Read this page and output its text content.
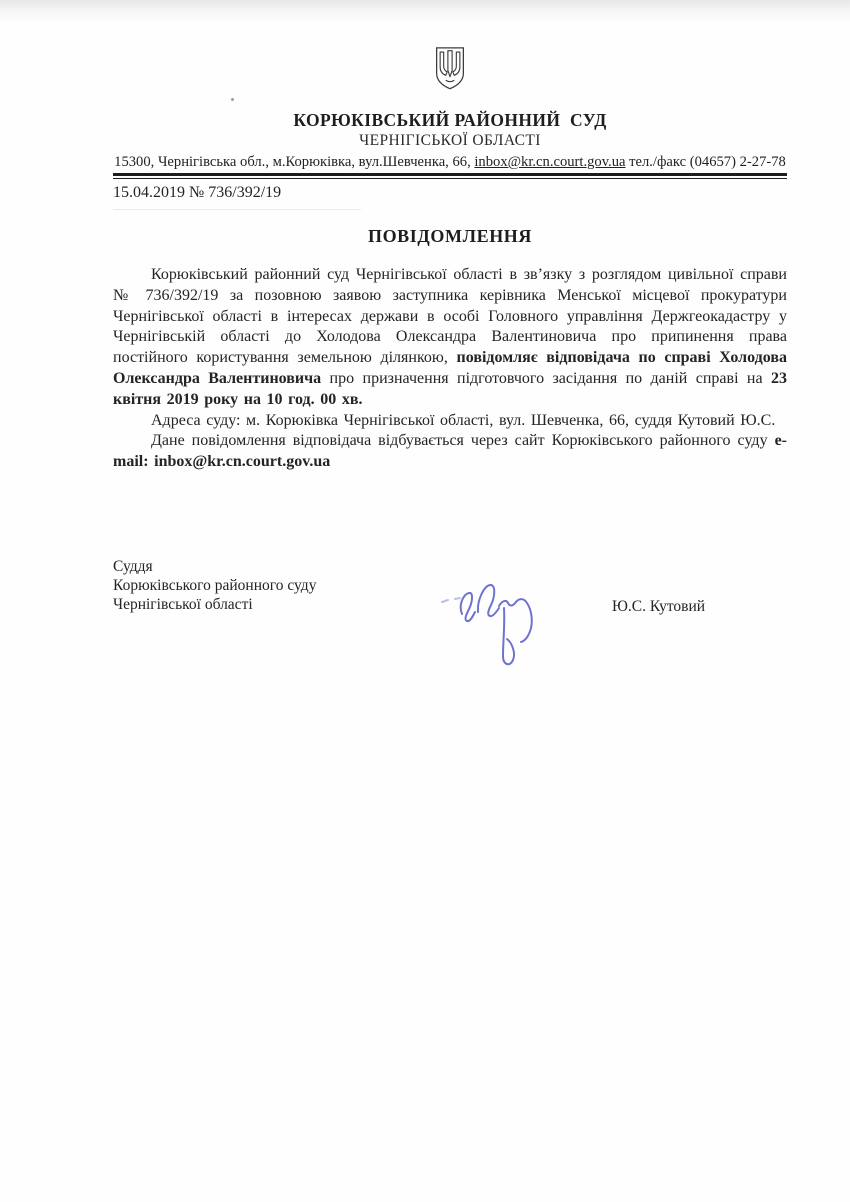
КОРЮКІВСЬКИЙ РАЙОННИЙ  СУД
ЧЕРНІГІСЬКОЇ ОБЛАСТІ
15300, Чернігівська обл., м.Корюківка, вул.Шевченка, 66, inbox@kr.cn.court.gov.ua тел./факс (04657) 2-27-78
15.04.2019 № 736/392/19
ПОВІДОМЛЕННЯ

Корюківський районний суд Чернігівської області в зв’язку з розглядом цивільної справи № 736/392/19 за позовною заявою заступника керівника Менської місцевої прокуратури Чернігівської області в інтересах держави в особі Головного управління Держгеокадастру у Чернігівській області до Холодова Олександра Валентиновича про припинення права постійного користування земельною ділянкою, повідомляє відповідача по справі Холодова Олександра Валентиновича про призначення підготовчого засідання по даній справі на 23 квітня 2019 року на 10 год. 00 хв.

Адреса суду: м. Корюківка Чернігівської області, вул. Шевченка, 66, суддя Кутовий Ю.С.

Дане повідомлення відповідача відбувається через сайт Корюківського районного суду e-mail: inbox@kr.cn.court.gov.ua

Суддя
Корюківського районного суду
Чернігівської області	Ю.С. Кутовий
